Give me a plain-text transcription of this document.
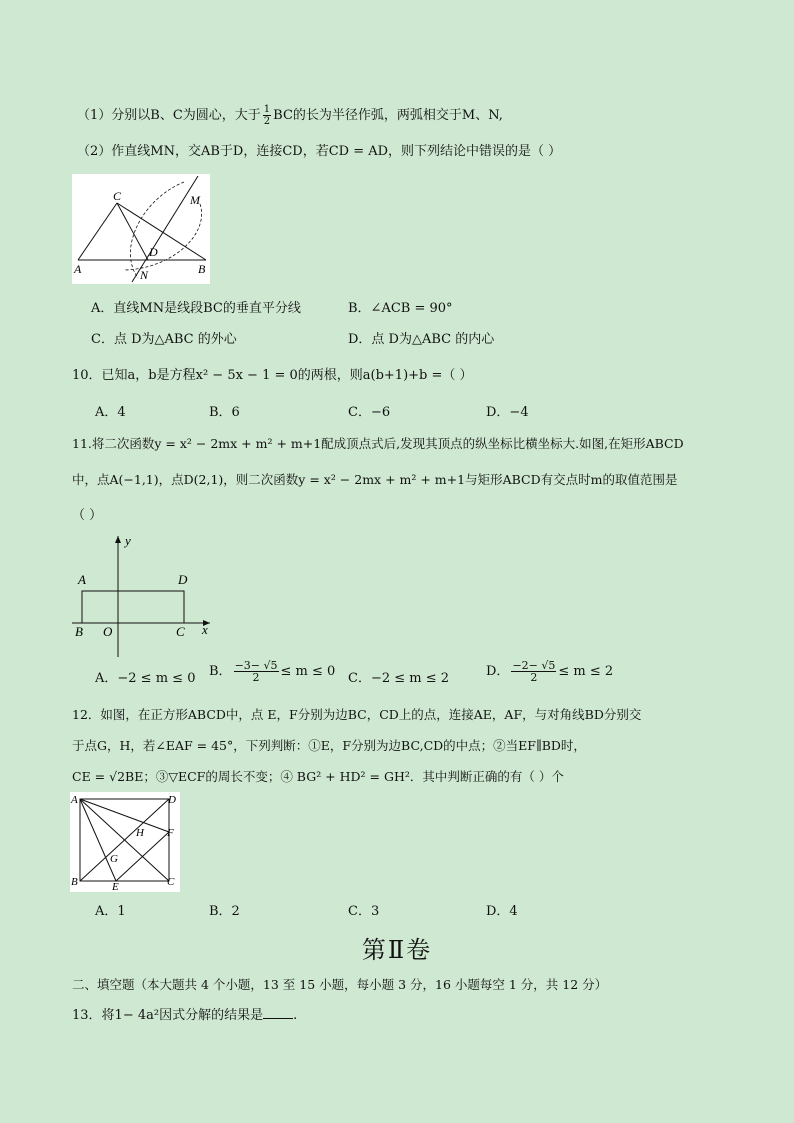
（1）分别以B、C为圆心，大于 $\frac{1}{2}$ BC的长为半径作弧，两弧相交于M、N,
（2）作直线MN，交AB于D，连接CD，若CD = AD，则下列结论中错误的是（ ）
C	M
D
A	N	B
A．直线MN是线段BC的垂直平分线	B．∠ACB = 90°
C．点 D为△ABC 的外心	D．点 D为△ABC 的内心
10．已知a，b是方程x² − 5x − 1 = 0的两根，则a(b+1)+b =（ ）
A．4	B．6	C．−6	D．−4
11.将二次函数y = x² − 2mx + m² + m+1配成顶点式后,发现其顶点的纵坐标比横坐标大.如图,在矩形ABCD
中，点A(−1,1)，点D(2,1)，则二次函数y = x² − 2mx + m² + m+1与矩形ABCD有交点时m的取值范围是
（ ）
y
A	D
B O	C x
A．−2 ≤ m ≤ 0 B． $\frac{-3- √5}{2} \le m \le 0$ C．−2 ≤ m ≤ 2	D． $\frac{-2- √5}{2} \le m \le 2$
12．如图，在正方形ABCD中，点 E，F分别为边BC，CD上的点，连接AE，AF，与对角线BD分别交
于点G，H，若∠EAF = 45°，下列判断：①E，F分别为边BC,CD的中点；②当EF∥BD时，
CE = √2BE；③▽ECF的周长不变；④ BG² + HD² = GH²．其中判断正确的有（ ）个
A	D
H F
G
B	E	C
A．1	B．2	C．3	D．4
第Ⅱ卷
二、填空题（本大题共 4 个小题，13 至 15 小题，每小题 3 分，16 小题每空 1 分，共 12 分）
13．将1− 4a²因式分解的结果是 .
